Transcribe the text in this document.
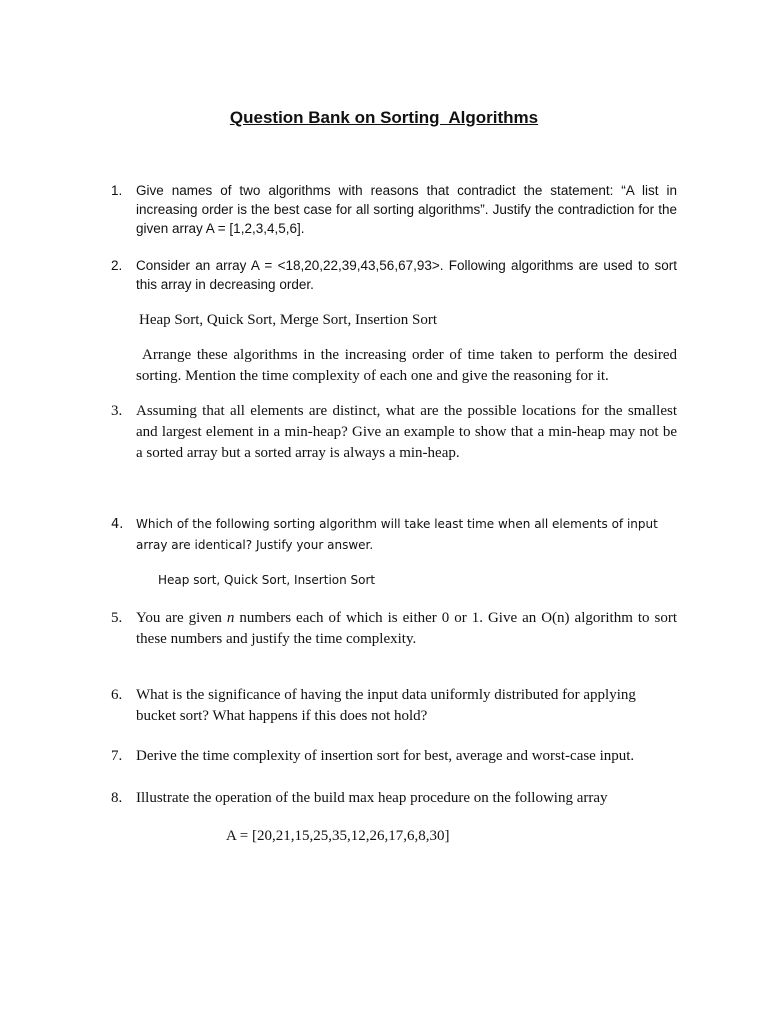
Question Bank on Sorting  Algorithms
1.	Give names of two algorithms with reasons that contradict the statement: “A list in increasing order is the best case for all sorting algorithms”. Justify the contradiction for the given array A = [1,2,3,4,5,6].
2.	Consider an array A = <18,20,22,39,43,56,67,93>. Following algorithms are used to sort this array in decreasing order.
Heap Sort, Quick Sort, Merge Sort, Insertion Sort
Arrange these algorithms in the increasing order of time taken to perform the desired sorting. Mention the time complexity of each one and give the reasoning for it.
3. Assuming that all elements are distinct, what are the possible locations for the smallest and largest element in a min-heap? Give an example to show that a min-heap may not be a sorted array but a sorted array is always a min-heap.
4.	Which of the following sorting algorithm will take least time when all elements of input array are identical? Justify your answer.
Heap sort, Quick Sort, Insertion Sort
5. You are given n numbers each of which is either 0 or 1. Give an O(n) algorithm to sort these numbers and justify the time complexity.
6. What is the significance of having the input data uniformly distributed for applying bucket sort? What happens if this does not hold?
7. Derive the time complexity of insertion sort for best, average and worst-case input.
8. Illustrate the operation of the build max heap procedure on the following array
A = [20,21,15,25,35,12,26,17,6,8,30]
